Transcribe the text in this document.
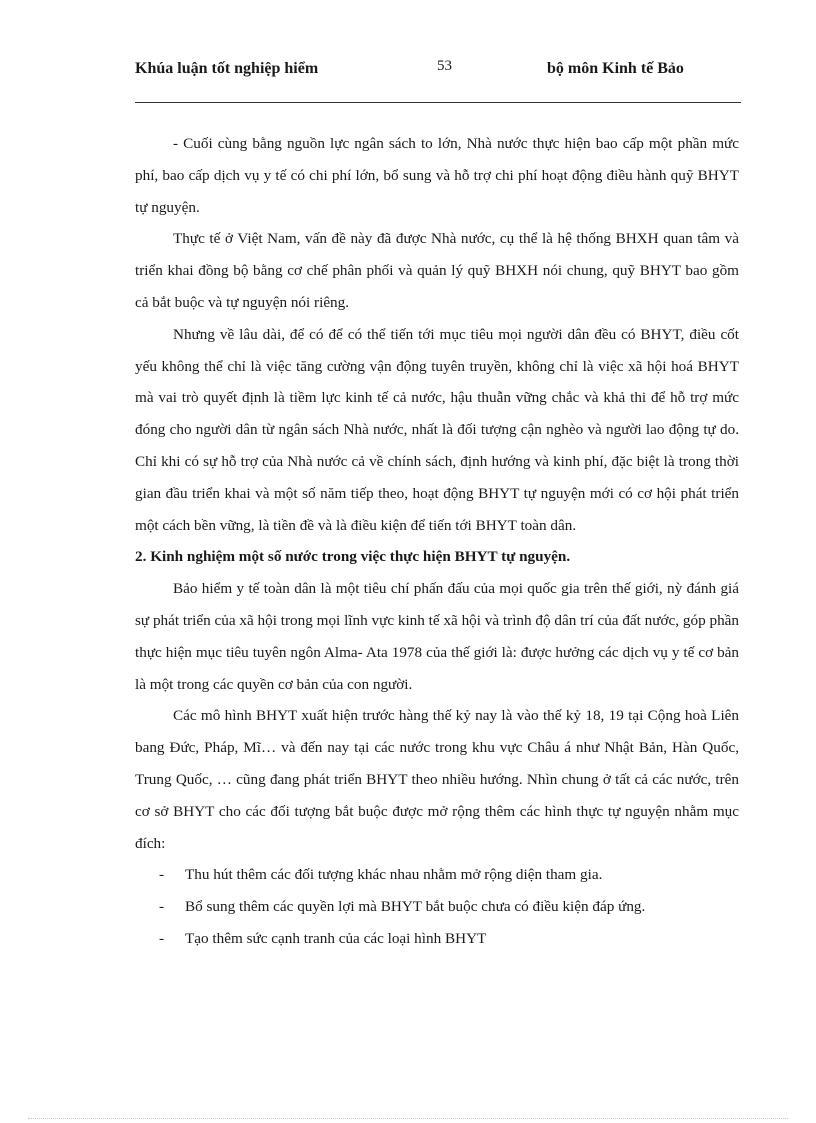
Khúa luận tốt nghiệp hiểm	53	bộ môn Kinh tế Bảo

- Cuối cùng bằng nguồn lực ngân sách to lớn, Nhà nước thực hiện bao cấp một phần mức phí, bao cấp dịch vụ y tế có chi phí lớn, bổ sung và hỗ trợ chi phí hoạt động điều hành quỹ BHYT tự nguyện.

Thực tế ở Việt Nam, vấn đề này đã được Nhà nước, cụ thể là hệ thống BHXH quan tâm và triển khai đồng bộ bằng cơ chế phân phối và quản lý quỹ BHXH nói chung, quỹ BHYT bao gồm cả bắt buộc và tự nguyện nói riêng.

Nhưng về lâu dài, để có để có thể tiến tới mục tiêu mọi người dân đều có BHYT, điều cốt yếu không thể chỉ là việc tăng cường vận động tuyên truyền, không chỉ là việc xã hội hoá BHYT mà vai trò quyết định là tiềm lực kinh tế cả nước, hậu thuẫn vững chắc và khả thi để hỗ trợ mức đóng cho người dân từ ngân sách Nhà nước, nhất là đối tượng cận nghèo và người lao động tự do. Chỉ khi có sự hỗ trợ của Nhà nước cả về chính sách, định hướng và kinh phí, đặc biệt là trong thời gian đầu triển khai và một số năm tiếp theo, hoạt động BHYT tự nguyện mới có cơ hội phát triển một cách bền vững, là tiền đề và là điều kiện để tiến tới BHYT toàn dân.

2. Kinh nghiệm một số nước trong việc thực hiện BHYT tự nguyện.

Bảo hiểm y tế toàn dân là một tiêu chí phấn đấu của mọi quốc gia trên thế giới, nỳ đánh giá sự phát triển của xã hội trong mọi lĩnh vực kinh tế xã hội và trình độ dân trí của đất nước, góp phần thực hiện mục tiêu tuyên ngôn Alma- Ata 1978 của thế giới là: được hưởng các dịch vụ y tế cơ bản là một trong các quyền cơ bản của con người.

Các mô hình BHYT xuất hiện trước hàng thế kỷ nay là vào thế kỷ 18, 19 tại Cộng hoà Liên bang Đức, Pháp, Mĩ… và đến nay tại các nước trong khu vực Châu á như Nhật Bản, Hàn Quốc, Trung Quốc, … cũng đang phát triển BHYT theo nhiều hướng. Nhìn chung ở tất cả các nước, trên cơ sở BHYT cho các đối tượng bắt buộc được mở rộng thêm các hình thực tự nguyện nhằm mục đích:

- Thu hút thêm các đối tượng khác nhau nhằm mở rộng diện tham gia.
- Bổ sung thêm các quyền lợi mà BHYT bắt buộc chưa có điều kiện đáp ứng.
- Tạo thêm sức cạnh tranh của các loại hình BHYT
